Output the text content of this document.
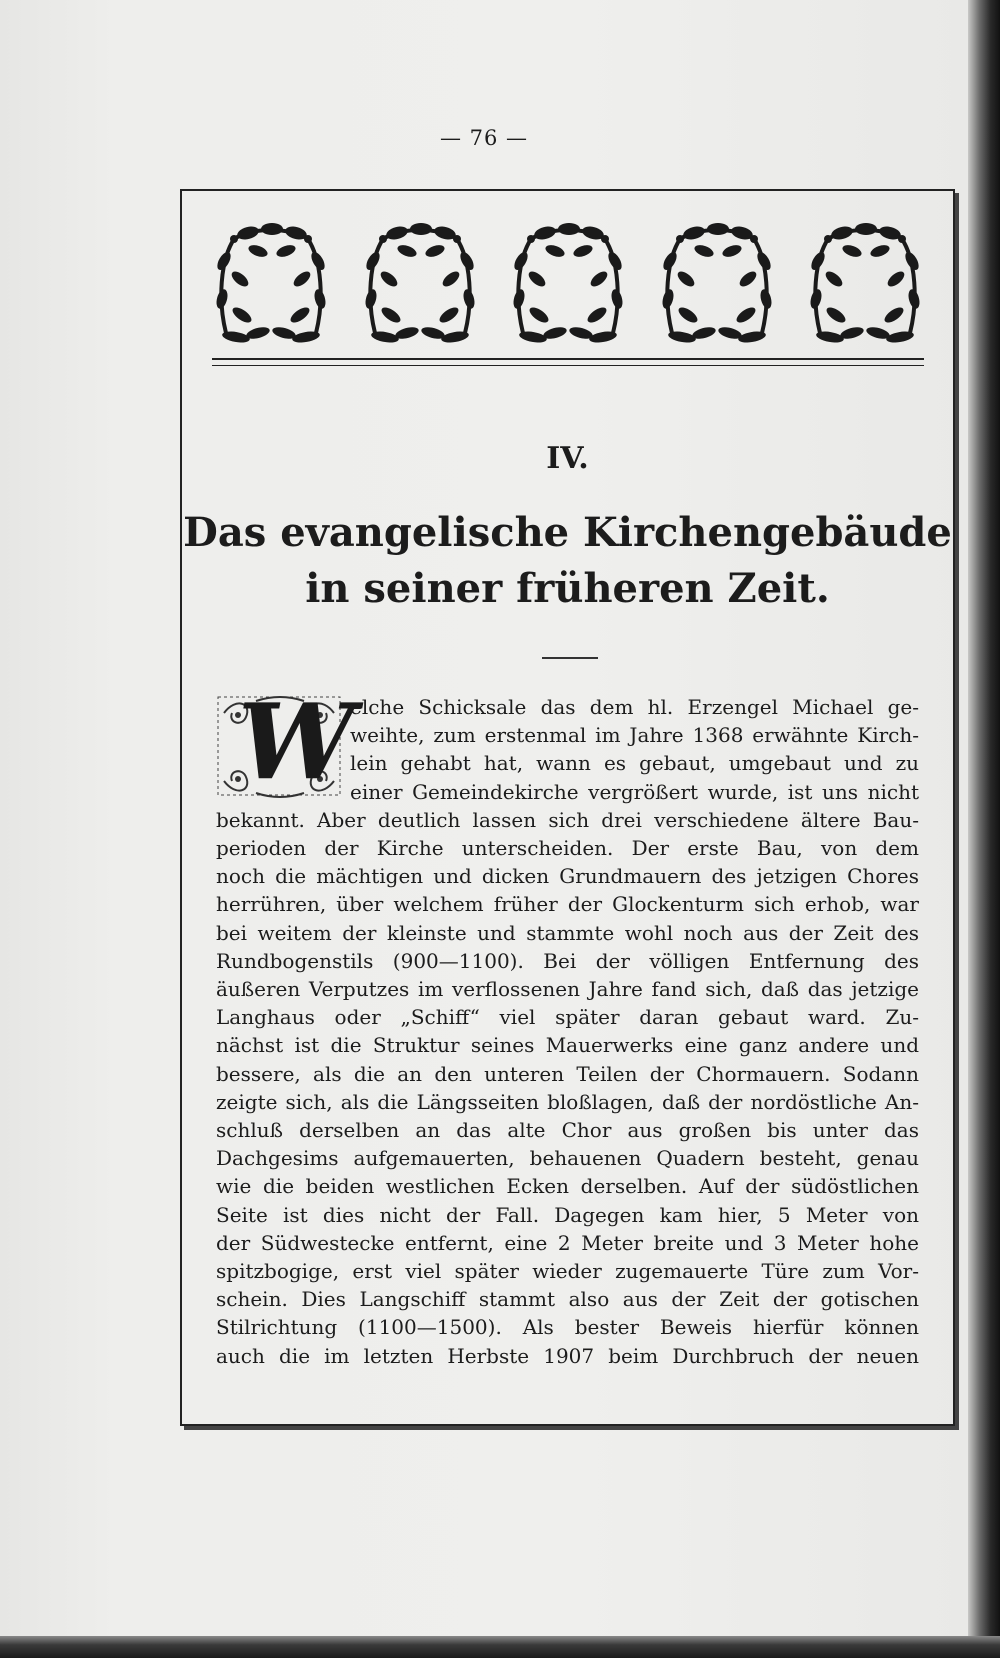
— 76 —
IV.
Das evangelische Kirchengebäude
in seiner früheren Zeit.
W
elche Schicksale das dem hl. Erzengel Michael ge-
weihte, zum erstenmal im Jahre 1368 erwähnte Kirch-
lein gehabt hat, wann es gebaut, umgebaut und zu
einer Gemeindekirche vergrößert wurde, ist uns nicht
bekannt. Aber deutlich lassen sich drei verschiedene ältere Bau-
perioden der Kirche unterscheiden. Der erste Bau, von dem
noch die mächtigen und dicken Grundmauern des jetzigen Chores
herrühren, über welchem früher der Glockenturm sich erhob, war
bei weitem der kleinste und stammte wohl noch aus der Zeit des
Rundbogenstils (900—1100). Bei der völligen Entfernung des
äußeren Verputzes im verflossenen Jahre fand sich, daß das jetzige
Langhaus oder „Schiff“ viel später daran gebaut ward. Zu-
nächst ist die Struktur seines Mauerwerks eine ganz andere und
bessere, als die an den unteren Teilen der Chormauern. Sodann
zeigte sich, als die Längsseiten bloßlagen, daß der nordöstliche An-
schluß derselben an das alte Chor aus großen bis unter das
Dachgesims aufgemauerten, behauenen Quadern besteht, genau
wie die beiden westlichen Ecken derselben. Auf der südöstlichen
Seite ist dies nicht der Fall. Dagegen kam hier, 5 Meter von
der Südwestecke entfernt, eine 2 Meter breite und 3 Meter hohe
spitzbogige, erst viel später wieder zugemauerte Türe zum Vor-
schein. Dies Langschiff stammt also aus der Zeit der gotischen
Stilrichtung (1100—1500). Als bester Beweis hierfür können
auch die im letzten Herbste 1907 beim Durchbruch der neuen
